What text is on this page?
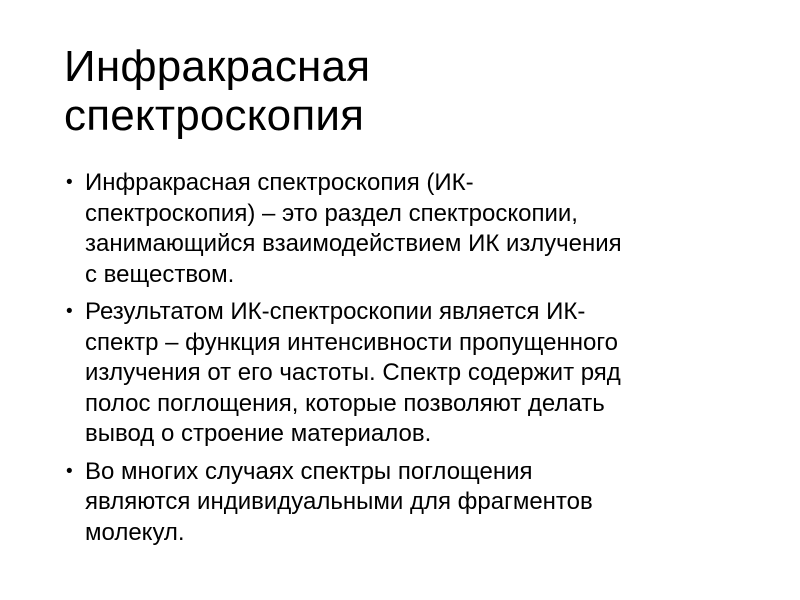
Инфракрасная
спектроскопия
• Инфракрасная спектроскопия (ИК-
спектроскопия) – это раздел спектроскопии,
занимающийся взаимодействием ИК излучения
с веществом.
• Результатом ИК-спектроскопии является ИК-
спектр – функция интенсивности пропущенного
излучения от его частоты. Спектр содержит ряд
полос поглощения, которые позволяют делать
вывод о строение материалов.
• Во многих случаях спектры поглощения
являются индивидуальными для фрагментов
молекул.
